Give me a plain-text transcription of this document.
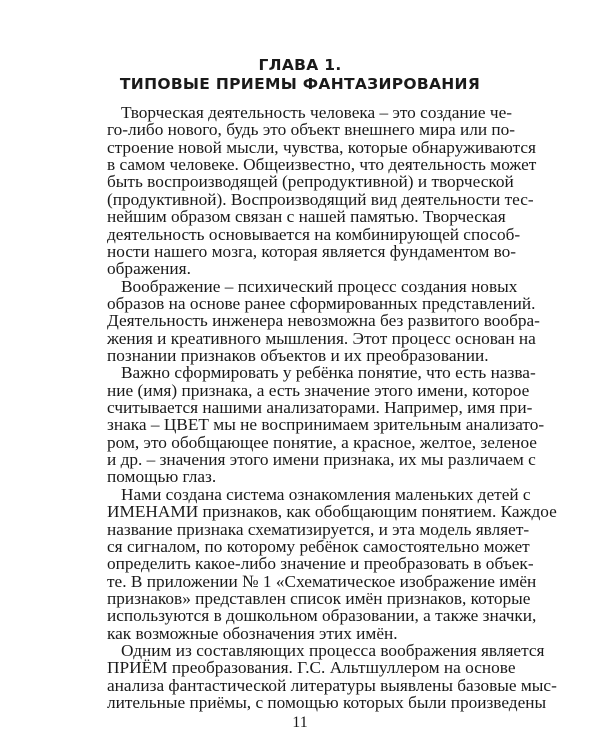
ГЛАВА 1.
ТИПОВЫЕ ПРИЕМЫ ФАНТАЗИРОВАНИЯ
Творческая деятельность человека – это создание че-
го-либо нового, будь это объект внешнего мира или по-
строение новой мысли, чувства, которые обнаруживаются
в самом человеке. Общеизвестно, что деятельность может
быть воспроизводящей (репродуктивной) и творческой
(продуктивной). Воспроизводящий вид деятельности тес-
нейшим образом связан с нашей памятью. Творческая
деятельность основывается на комбинирующей способ-
ности нашего мозга, которая является фундаментом во-
ображения.
Воображение – психический процесс создания новых
образов на основе ранее сформированных представлений.
Деятельность инженера невозможна без развитого вообра-
жения и креативного мышления. Этот процесс основан на
познании признаков объектов и их преобразовании.
Важно сформировать у ребёнка понятие, что есть назва-
ние (имя) признака, а есть значение этого имени, которое
считывается нашими анализаторами. Например, имя при-
знака – ЦВЕТ мы не воспринимаем зрительным анализато-
ром, это обобщающее понятие, а красное, желтое, зеленое
и др. – значения этого имени признака, их мы различаем с
помощью глаз.
Нами создана система ознакомления маленьких детей с
ИМЕНАМИ признаков, как обобщающим понятием. Каждое
название признака схематизируется, и эта модель являет-
ся сигналом, по которому ребёнок самостоятельно может
определить какое-либо значение и преобразовать в объек-
те. В приложении № 1 «Схематическое изображение имён
признаков» представлен список имён признаков, которые
используются в дошкольном образовании, а также значки,
как возможные обозначения этих имён.
Одним из составляющих процесса воображения является
ПРИЁМ преобразования. Г.С. Альтшуллером на основе
анализа фантастической литературы выявлены базовые мыс-
лительные приёмы, с помощью которых были произведены
11
